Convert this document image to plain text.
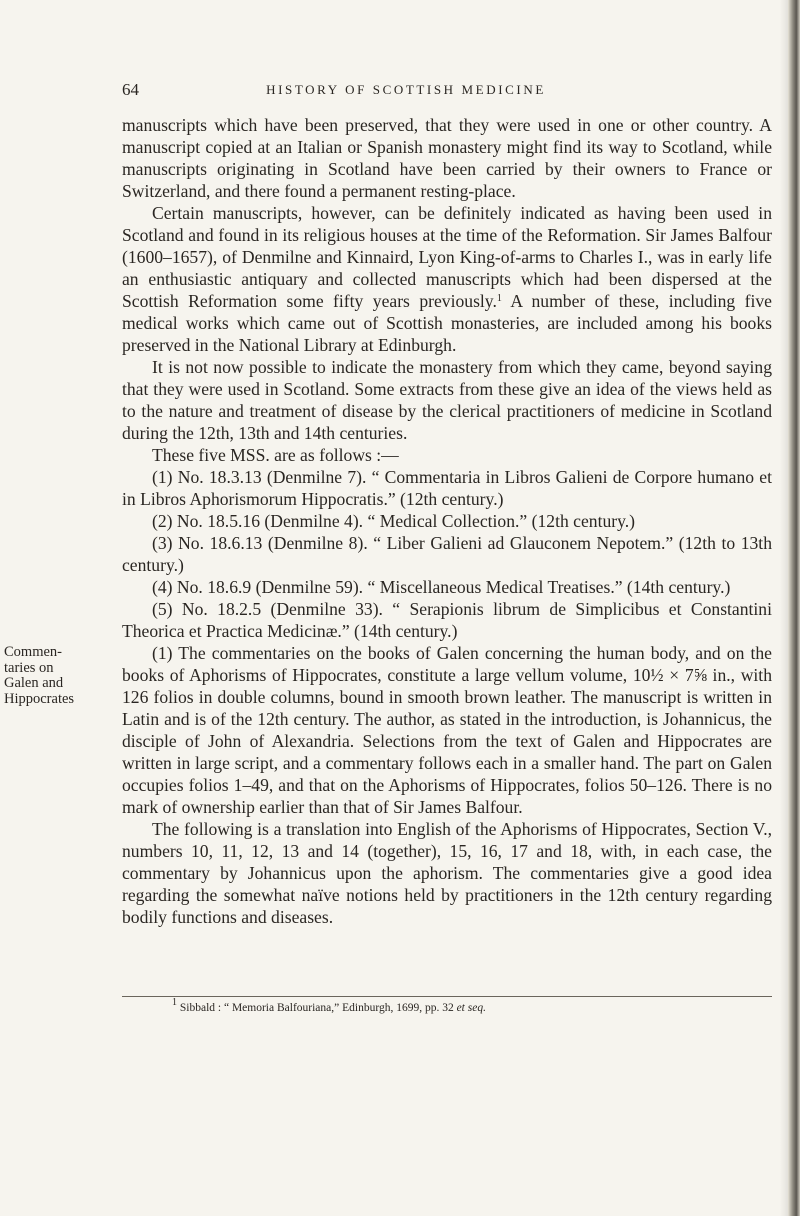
64	HISTORY OF SCOTTISH MEDICINE

manuscripts which have been preserved, that they were used in one or other country. A manuscript copied at an Italian or Spanish monastery might find its way to Scotland, while manuscripts originating in Scotland have been carried by their owners to France or Switzerland, and there found a permanent resting-place.

Certain manuscripts, however, can be definitely indicated as having been used in Scotland and found in its religious houses at the time of the Reformation. Sir James Balfour (1600–1657), of Denmilne and Kinnaird, Lyon King-of-arms to Charles I., was in early life an enthusiastic antiquary and collected manuscripts which had been dispersed at the Scottish Reformation some fifty years previously.$^1$ A number of these, including five medical works which came out of Scottish monasteries, are included among his books preserved in the National Library at Edinburgh.

It is not now possible to indicate the monastery from which they came, beyond saying that they were used in Scotland. Some extracts from these give an idea of the views held as to the nature and treatment of disease by the clerical practitioners of medicine in Scotland during the 12th, 13th and 14th centuries.

These five MSS. are as follows :—

(1) No. 18.3.13 (Denmilne 7). “ Commentaria in Libros Galieni de Corpore humano et in Libros Aphorismorum Hippocratis.” (12th century.)

(2) No. 18.5.16 (Denmilne 4). “ Medical Collection.” (12th century.)

(3) No. 18.6.13 (Denmilne 8). “ Liber Galieni ad Glauconem Nepotem.” (12th to 13th century.)

(4) No. 18.6.9 (Denmilne 59). “ Miscellaneous Medical Treatises.” (14th century.)

(5) No. 18.2.5 (Denmilne 33). “ Serapionis librum de Simplicibus et Constantini Theorica et Practica Medicinæ.” (14th century.)

(1) The commentaries on the books of Galen concerning the human body, and on the books of Aphorisms of Hippocrates, constitute a large vellum volume, 10½ × 7⅝ in., with 126 folios in double columns, bound in smooth brown leather. The manuscript is written in Latin and is of the 12th century. The author, as stated in the introduction, is Johannicus, the disciple of John of Alexandria. Selections from the text of Galen and Hippocrates are written in large script, and a commentary follows each in a smaller hand. The part on Galen occupies folios 1–49, and that on the Aphorisms of Hippocrates, folios 50–126. There is no mark of ownership earlier than that of Sir James Balfour.

The following is a translation into English of the Aphorisms of Hippocrates, Section V., numbers 10, 11, 12, 13 and 14 (together), 15, 16, 17 and 18, with, in each case, the commentary by Johannicus upon the aphorism. The commentaries give a good idea regarding the somewhat naïve notions held by practitioners in the 12th century regarding bodily functions and diseases.

Commen-
taries on
Galen and
Hippocrates
$^1$ Sibbald : “ Memoria Balfouriana,” Edinburgh, 1699, pp. 32 et seq.
